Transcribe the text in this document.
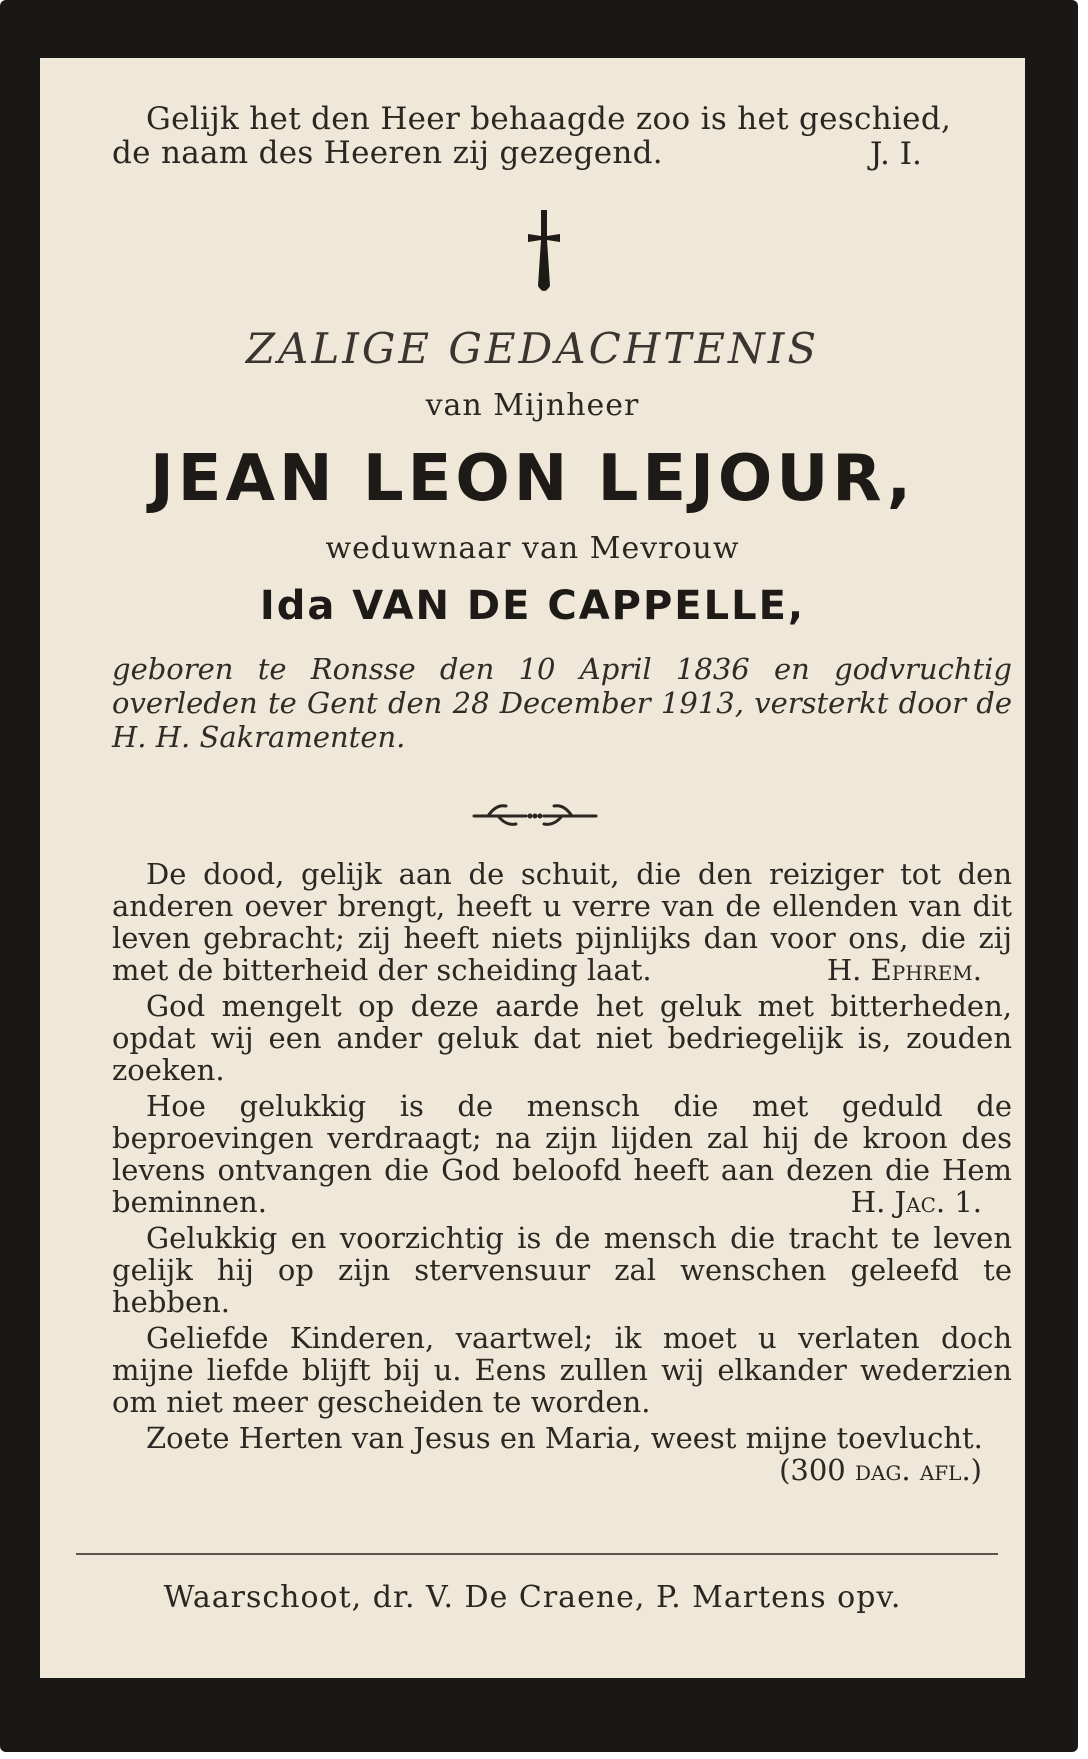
Gelijk het den Heer behaagde zoo is het geschied,
de naam des Heeren zij gezegend.	J. I.
ZALIGE GEDACHTENIS
van Mijnheer
JEAN LEON LEJOUR,
weduwnaar van Mevrouw
Ida VAN DE CAPPELLE,
geboren te Ronsse den 10 April 1836 en godvruchtig overleden te Gent den 28 December 1913, versterkt door de H. H. Sakramenten.

De dood, gelijk aan de schuit, die den reiziger tot den anderen oever brengt, heeft u verre van de ellenden van dit leven gebracht; zij heeft niets pijnlijks dan voor ons, die zij met de bitterheid der scheiding laat.	H. Ephrem.

God mengelt op deze aarde het geluk met bitterheden, opdat wij een ander geluk dat niet bedriegelijk is, zouden zoeken.

Hoe gelukkig is de mensch die met geduld de beproevingen verdraagt; na zijn lijden zal hij de kroon des levens ontvangen die God beloofd heeft aan dezen die Hem beminnen.	H. Jac. 1.

Gelukkig en voorzichtig is de mensch die tracht te leven gelijk hij op zijn stervensuur zal wenschen geleefd te hebben.

Geliefde Kinderen, vaartwel; ik moet u verlaten doch mijne liefde blijft bij u. Eens zullen wij elkander wederzien om niet meer gescheiden te worden.

Zoete Herten van Jesus en Maria, weest mijne toevlucht.
(300 dag. afl.)

Waarschoot, dr. V. De Craene, P. Martens opv.
